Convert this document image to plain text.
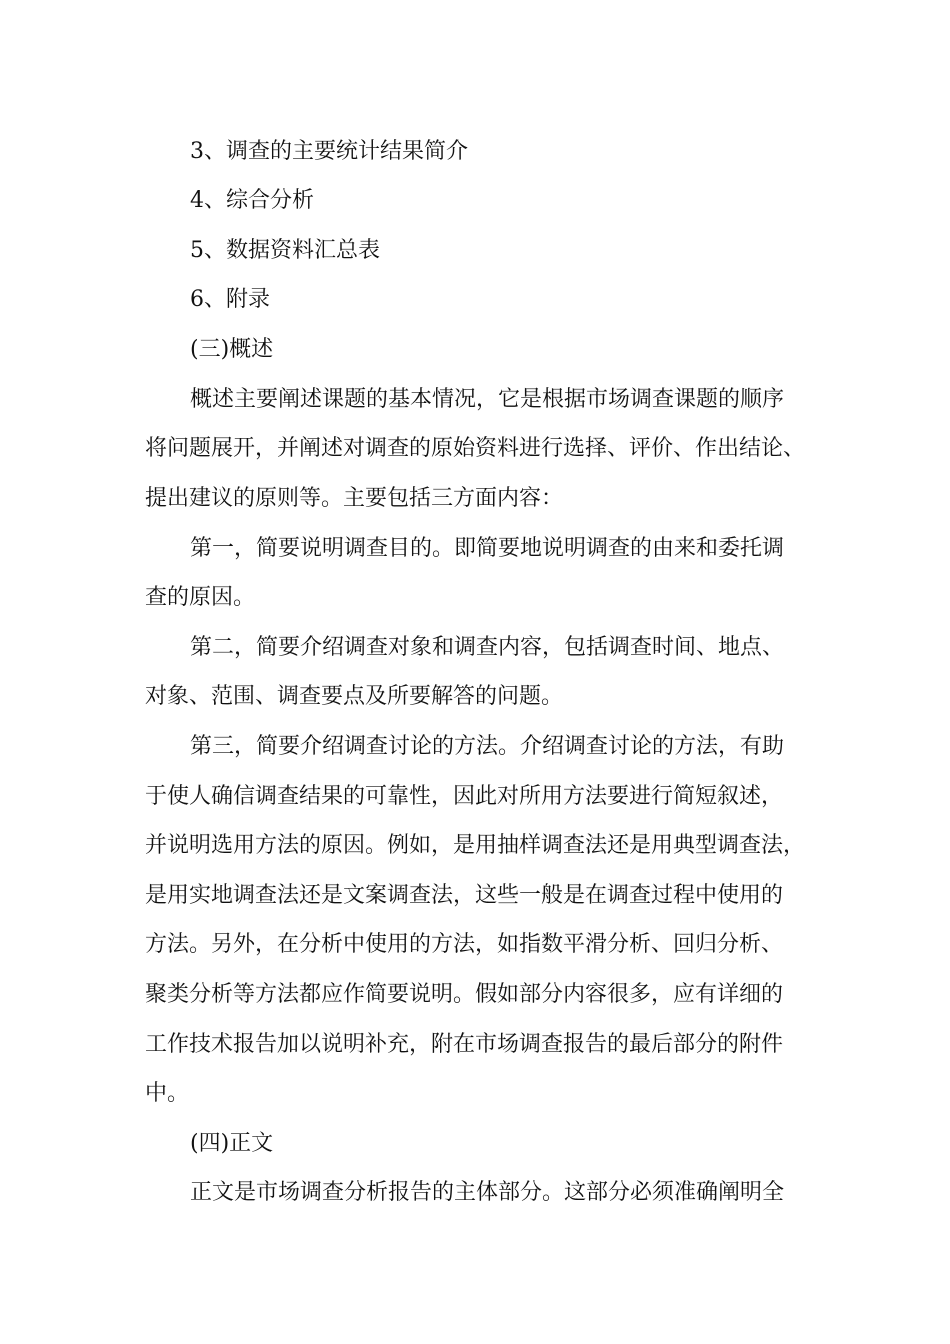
3、调查的主要统计结果简介
4、综合分析
5、数据资料汇总表
6、附录
(三)概述
概述主要阐述课题的基本情况，它是根据市场调查课题的顺序
将问题展开，并阐述对调查的原始资料进行选择、评价、作出结论、
提出建议的原则等。主要包括三方面内容：
第一，简要说明调查目的。即简要地说明调查的由来和委托调
查的原因。
第二，简要介绍调查对象和调查内容，包括调查时间、地点、
对象、范围、调查要点及所要解答的问题。
第三，简要介绍调查讨论的方法。介绍调查讨论的方法，有助
于使人确信调查结果的可靠性，因此对所用方法要进行简短叙述，
并说明选用方法的原因。例如，是用抽样调查法还是用典型调查法，
是用实地调查法还是文案调查法，这些一般是在调查过程中使用的
方法。另外，在分析中使用的方法，如指数平滑分析、回归分析、
聚类分析等方法都应作简要说明。假如部分内容很多，应有详细的
工作技术报告加以说明补充，附在市场调查报告的最后部分的附件
中。
(四)正文
正文是市场调查分析报告的主体部分。这部分必须准确阐明全
